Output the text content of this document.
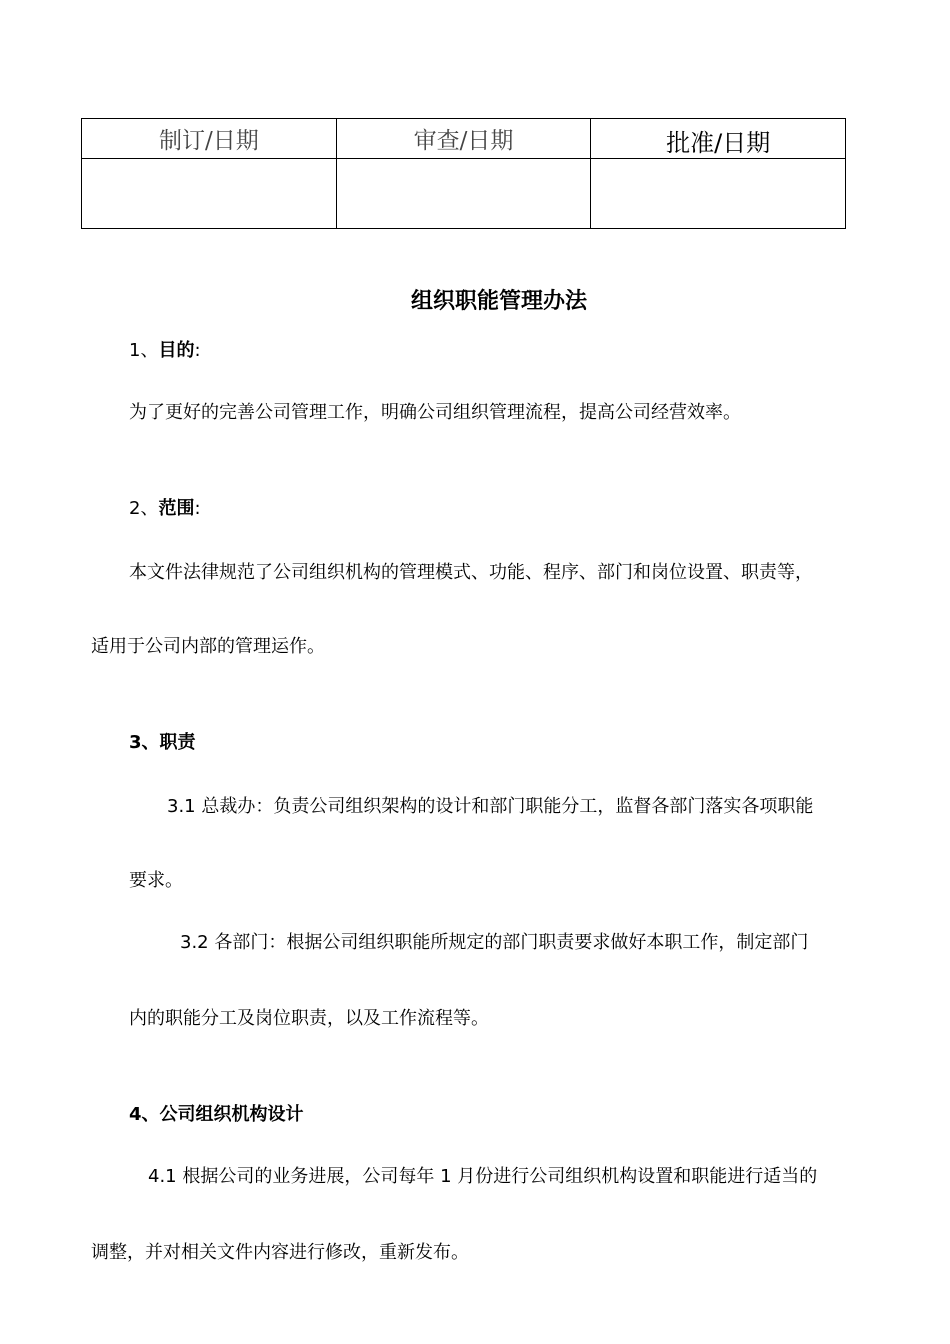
制订/日期	审查/日期	批准/日期

组织职能管理办法
1、目的:
为了更好的完善公司管理工作，明确公司组织管理流程，提高公司经营效率。
2、范围:
本文件法律规范了公司组织机构的管理模式、功能、程序、部门和岗位设置、职责等，
适用于公司内部的管理运作。
3、职责
3.1 总裁办：负责公司组织架构的设计和部门职能分工，监督各部门落实各项职能
要求。
3.2 各部门：根据公司组织职能所规定的部门职责要求做好本职工作，制定部门
内的职能分工及岗位职责，以及工作流程等。
4、公司组织机构设计
4.1 根据公司的业务进展，公司每年 1 月份进行公司组织机构设置和职能进行适当的
调整，并对相关文件内容进行修改，重新发布。
